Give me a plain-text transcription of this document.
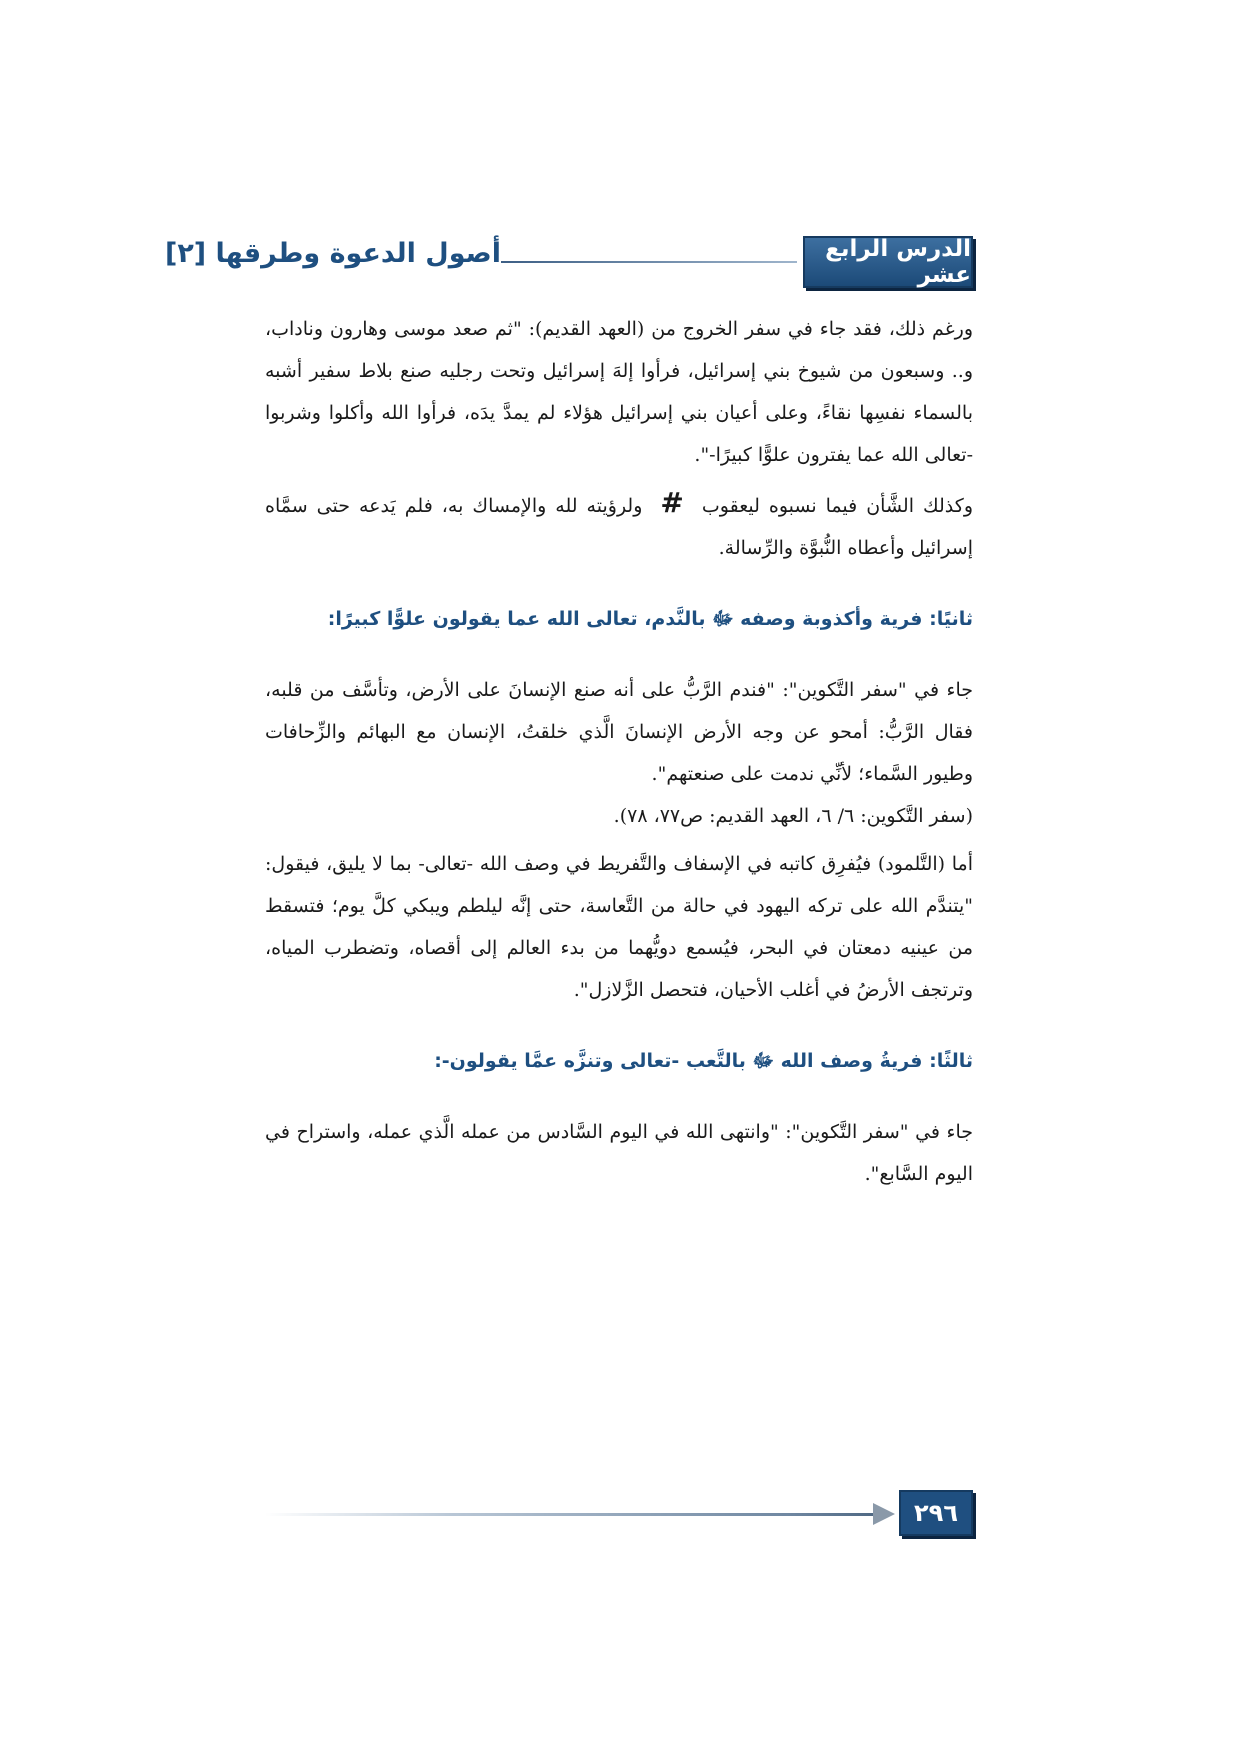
الدرس الرابع عشر
أصول الدعوة وطرقها [٢]

ورغم ذلك، فقد جاء في سفر الخروج من (العهد القديم): "ثم صعد موسى وهارون وناداب، و.. وسبعون من شيوخ بني إسرائيل، فرأوا إلهَ إسرائيل وتحت رجليه صنع بلاط سفير أشبه بالسماء نفسِها نقاءً، وعلى أعيان بني إسرائيل هؤلاء لم يمدَّ يدَه، فرأوا الله وأكلوا وشربوا -تعالى الله عما يفترون علوًّا كبيرًا-".

وكذلك الشَّأن فيما نسبوه ليعقوب#ولرؤيته لله والإمساك به، فلم يَدعه حتى سمَّاه إسرائيل وأعطاه النُّبوَّة والرِّسالة.

ثانيًا: فرية وأكذوبة وصفه ﷻ بالنَّدم، تعالى الله عما يقولون علوًّا كبيرًا:

جاء في "سفر التَّكوين": "فندم الرَّبُّ على أنه صنع الإنسانَ على الأرض، وتأسَّف من قلبه، فقال الرَّبُّ: أمحو عن وجه الأرض الإنسانَ الَّذي خلقتُ، الإنسان مع البهائم والزِّحافات وطيور السَّماء؛ لأنِّي ندمت على صنعتهم".

(سفر التَّكوين: ٦/ ٦، العهد القديم: ص٧٧، ٧٨).

أما (التَّلمود) فيُفرِق كاتبه في الإسفاف والتَّفريط في وصف الله -تعالى- بما لا يليق، فيقول: "يتندَّم الله على تركه اليهود في حالة من التَّعاسة، حتى إنَّه ليلطم ويبكي كلَّ يوم؛ فتسقط من عينيه دمعتان في البحر، فيُسمع دويُّهما من بدء العالم إلى أقصاه، وتضطرب المياه، وترتجف الأرضُ في أغلب الأحيان، فتحصل الزَّلازل".

ثالثًا: فريةُ وصف الله ﷻ بالتَّعب -تعالى وتنزَّه عمَّا يقولون-:

جاء في "سفر التَّكوين": "وانتهى الله في اليوم السَّادس من عمله الَّذي عمله، واستراح في اليوم السَّابع".

٢٩٦
